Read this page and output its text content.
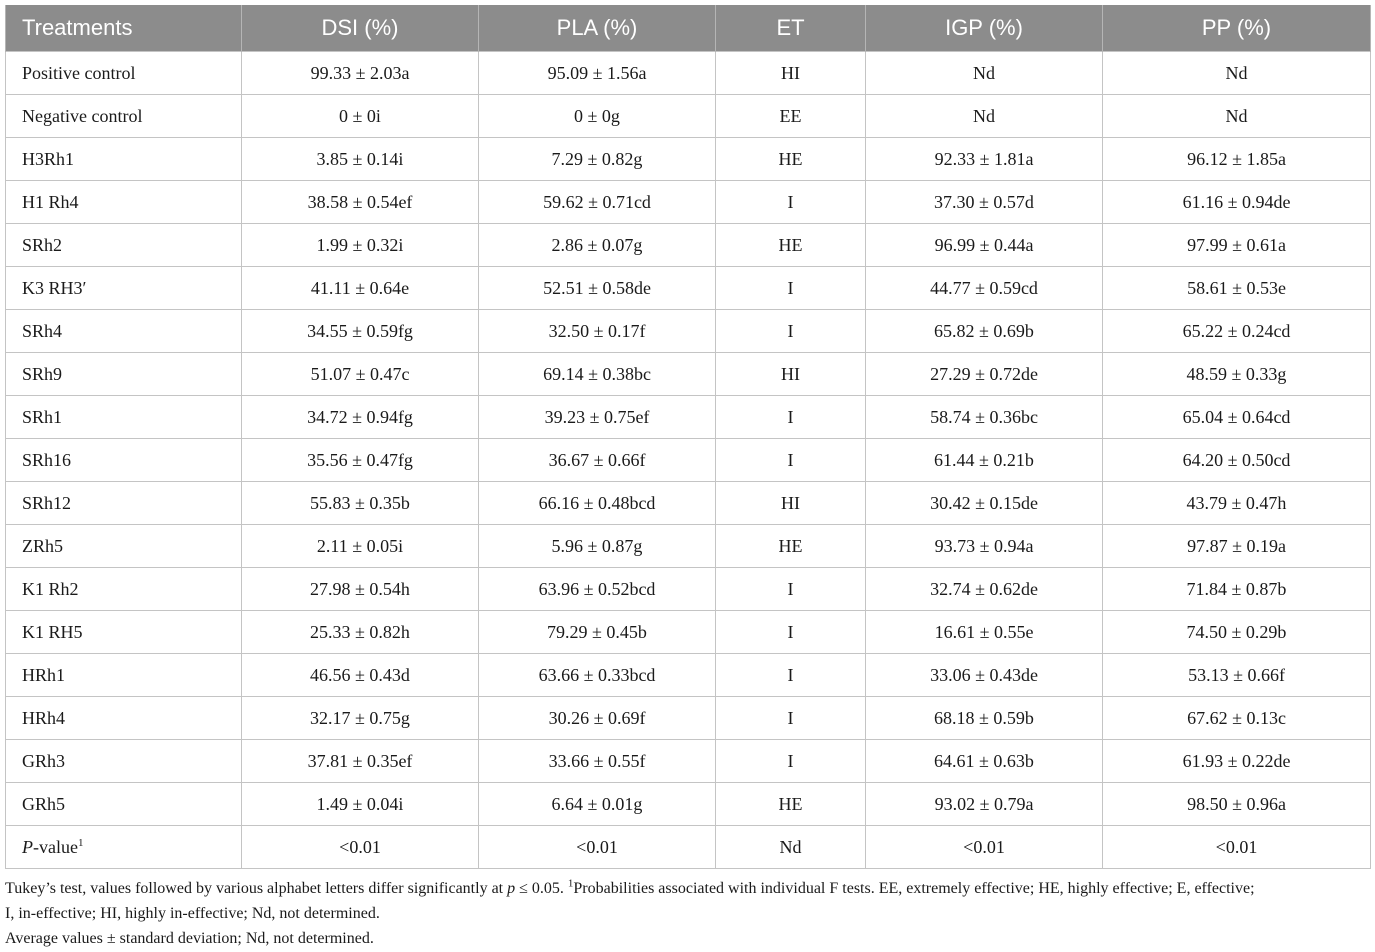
Treatments	DSI (%)	PLA (%)	ET	IGP (%)	PP (%)
Positive control	99.33 ± 2.03a	95.09 ± 1.56a	HI	Nd	Nd
Negative control	0 ± 0i	0 ± 0g	EE	Nd	Nd
H3Rh1	3.85 ± 0.14i	7.29 ± 0.82g	HE	92.33 ± 1.81a	96.12 ± 1.85a
H1 Rh4	38.58 ± 0.54ef	59.62 ± 0.71cd	I	37.30 ± 0.57d	61.16 ± 0.94de
SRh2	1.99 ± 0.32i	2.86 ± 0.07g	HE	96.99 ± 0.44a	97.99 ± 0.61a
K3 RH3′	41.11 ± 0.64e	52.51 ± 0.58de	I	44.77 ± 0.59cd	58.61 ± 0.53e
SRh4	34.55 ± 0.59fg	32.50 ± 0.17f	I	65.82 ± 0.69b	65.22 ± 0.24cd
SRh9	51.07 ± 0.47c	69.14 ± 0.38bc	HI	27.29 ± 0.72de	48.59 ± 0.33g
SRh1	34.72 ± 0.94fg	39.23 ± 0.75ef	I	58.74 ± 0.36bc	65.04 ± 0.64cd
SRh16	35.56 ± 0.47fg	36.67 ± 0.66f	I	61.44 ± 0.21b	64.20 ± 0.50cd
SRh12	55.83 ± 0.35b	66.16 ± 0.48bcd	HI	30.42 ± 0.15de	43.79 ± 0.47h
ZRh5	2.11 ± 0.05i	5.96 ± 0.87g	HE	93.73 ± 0.94a	97.87 ± 0.19a
K1 Rh2	27.98 ± 0.54h	63.96 ± 0.52bcd	I	32.74 ± 0.62de	71.84 ± 0.87b
K1 RH5	25.33 ± 0.82h	79.29 ± 0.45b	I	16.61 ± 0.55e	74.50 ± 0.29b
HRh1	46.56 ± 0.43d	63.66 ± 0.33bcd	I	33.06 ± 0.43de	53.13 ± 0.66f
HRh4	32.17 ± 0.75g	30.26 ± 0.69f	I	68.18 ± 0.59b	67.62 ± 0.13c
GRh3	37.81 ± 0.35ef	33.66 ± 0.55f	I	64.61 ± 0.63b	61.93 ± 0.22de
GRh5	1.49 ± 0.04i	6.64 ± 0.01g	HE	93.02 ± 0.79a	98.50 ± 0.96a
P-value$^1$	<0.01	<0.01	Nd	<0.01	<0.01

Tukey’s test, values followed by various alphabet letters differ significantly at p ≤ 0.05. $^1$Probabilities associated with individual F tests. EE, extremely effective; HE, highly effective; E, effective;

I, in-effective; HI, highly in-effective; Nd, not determined.

Average values ± standard deviation; Nd, not determined.
